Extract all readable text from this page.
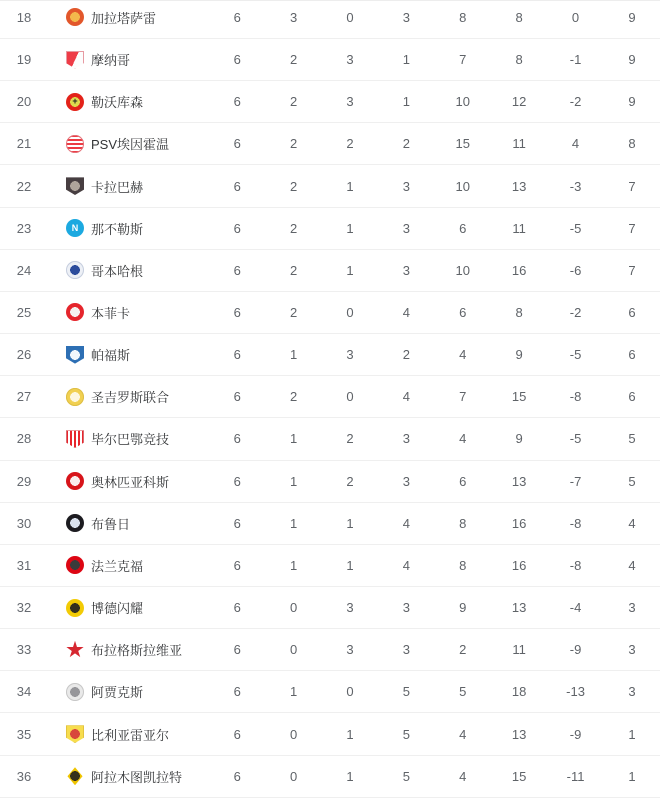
18	加拉塔萨雷	6	3	0	3	8	8	0	9
19	摩纳哥	6	2	3	1	7	8	-1	9
20	+ 勒沃库森	6	2	3	1	10	12	-2	9
21	PSV埃因霍温	6	2	2	2	15	11	4	8
22	卡拉巴赫	6	2	1	3	10	13	-3	7
23	N 那不勒斯	6	2	1	3	6	11	-5	7
24	哥本哈根	6	2	1	3	10	16	-6	7
25	本菲卡	6	2	0	4	6	8	-2	6
26	帕福斯	6	1	3	2	4	9	-5	6
27	圣吉罗斯联合	6	2	0	4	7	15	-8	6
28	毕尔巴鄂竞技	6	1	2	3	4	9	-5	5
29	奥林匹亚科斯	6	1	2	3	6	13	-7	5
30	布鲁日	6	1	1	4	8	16	-8	4
31	法兰克福	6	1	1	4	8	16	-8	4
32	博德闪耀	6	0	3	3	9	13	-4	3
33	布拉格斯拉维亚	6	0	3	3	2	11	-9	3
34	阿贾克斯	6	1	0	5	5	18	-13	3
35	比利亚雷亚尔	6	0	1	5	4	13	-9	1
36	阿拉木图凯拉特	6	0	1	5	4	15	-11	1
